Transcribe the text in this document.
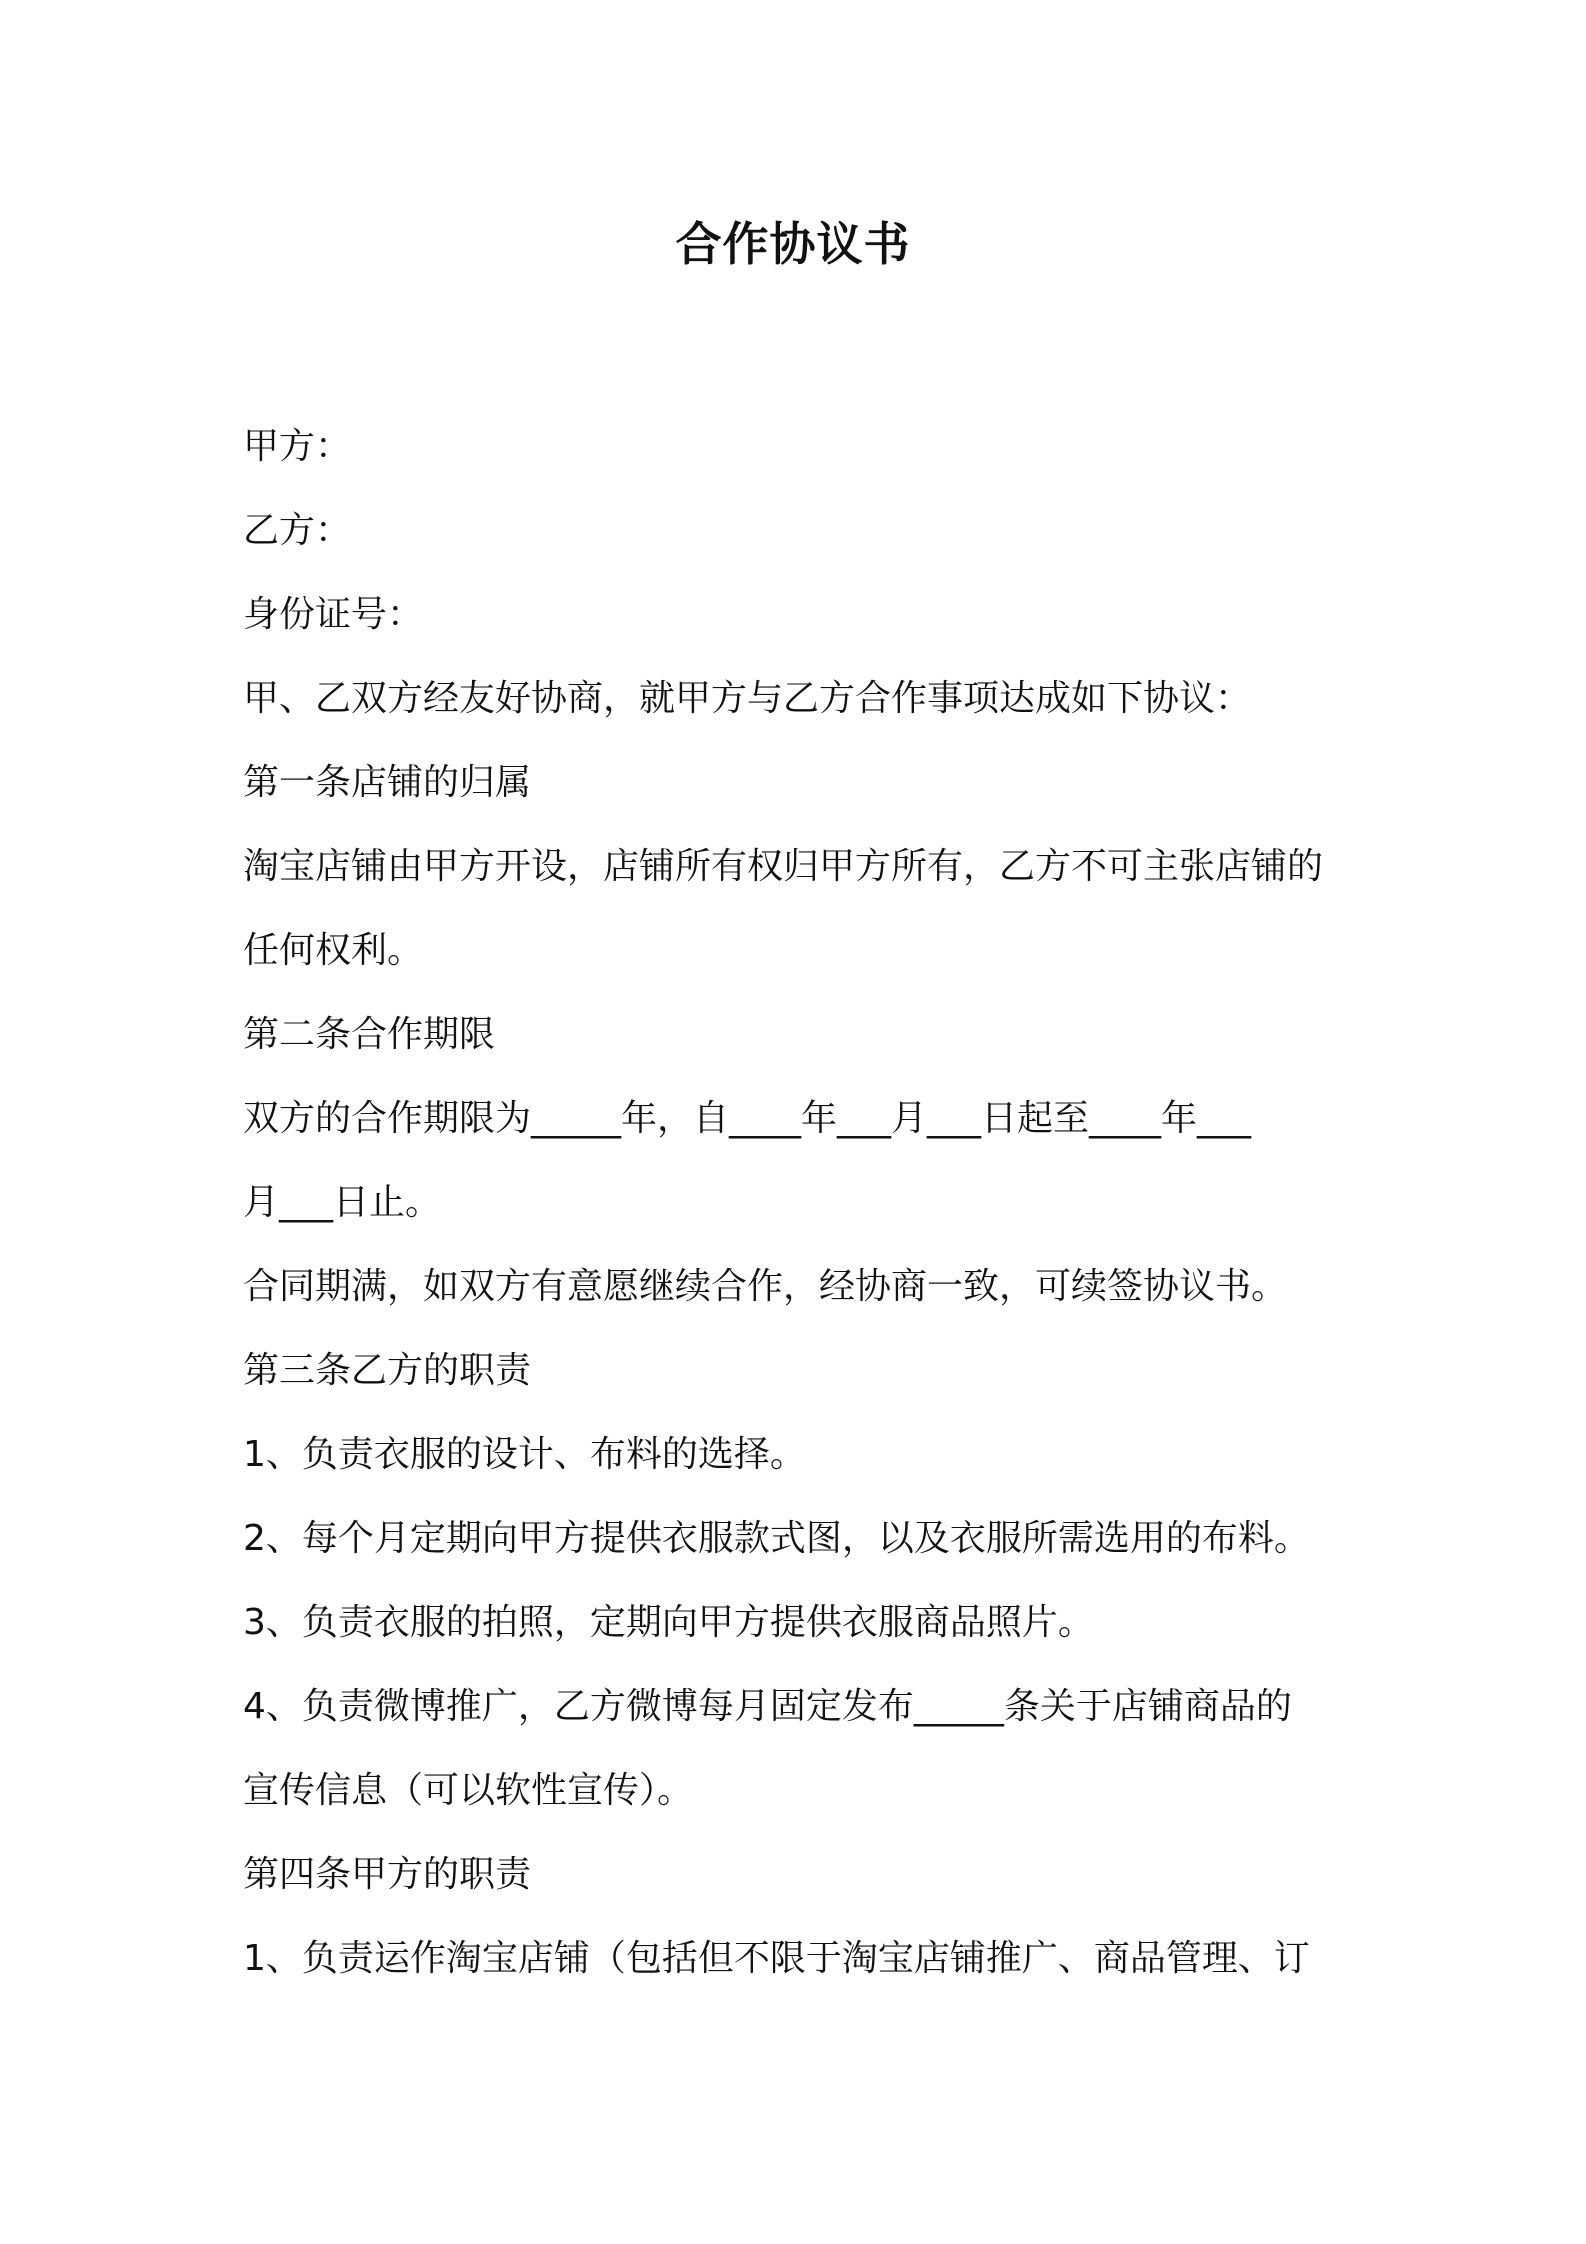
合作协议书
甲方：
乙方：
身份证号：
甲、乙双方经友好协商，就甲方与乙方合作事项达成如下协议：
第一条店铺的归属
淘宝店铺由甲方开设，店铺所有权归甲方所有，乙方不可主张店铺的
任何权利。
第二条合作期限
双方的合作期限为_____年，自____年___月___日起至____年___
月___日止。
合同期满，如双方有意愿继续合作，经协商一致，可续签协议书。
第三条乙方的职责
1、负责衣服的设计、布料的选择。
2、每个月定期向甲方提供衣服款式图，以及衣服所需选用的布料。
3、负责衣服的拍照，定期向甲方提供衣服商品照片。
4、负责微博推广，乙方微博每月固定发布_____条关于店铺商品的
宣传信息（可以软性宣传）。
第四条甲方的职责
1、负责运作淘宝店铺（包括但不限于淘宝店铺推广、商品管理、订
